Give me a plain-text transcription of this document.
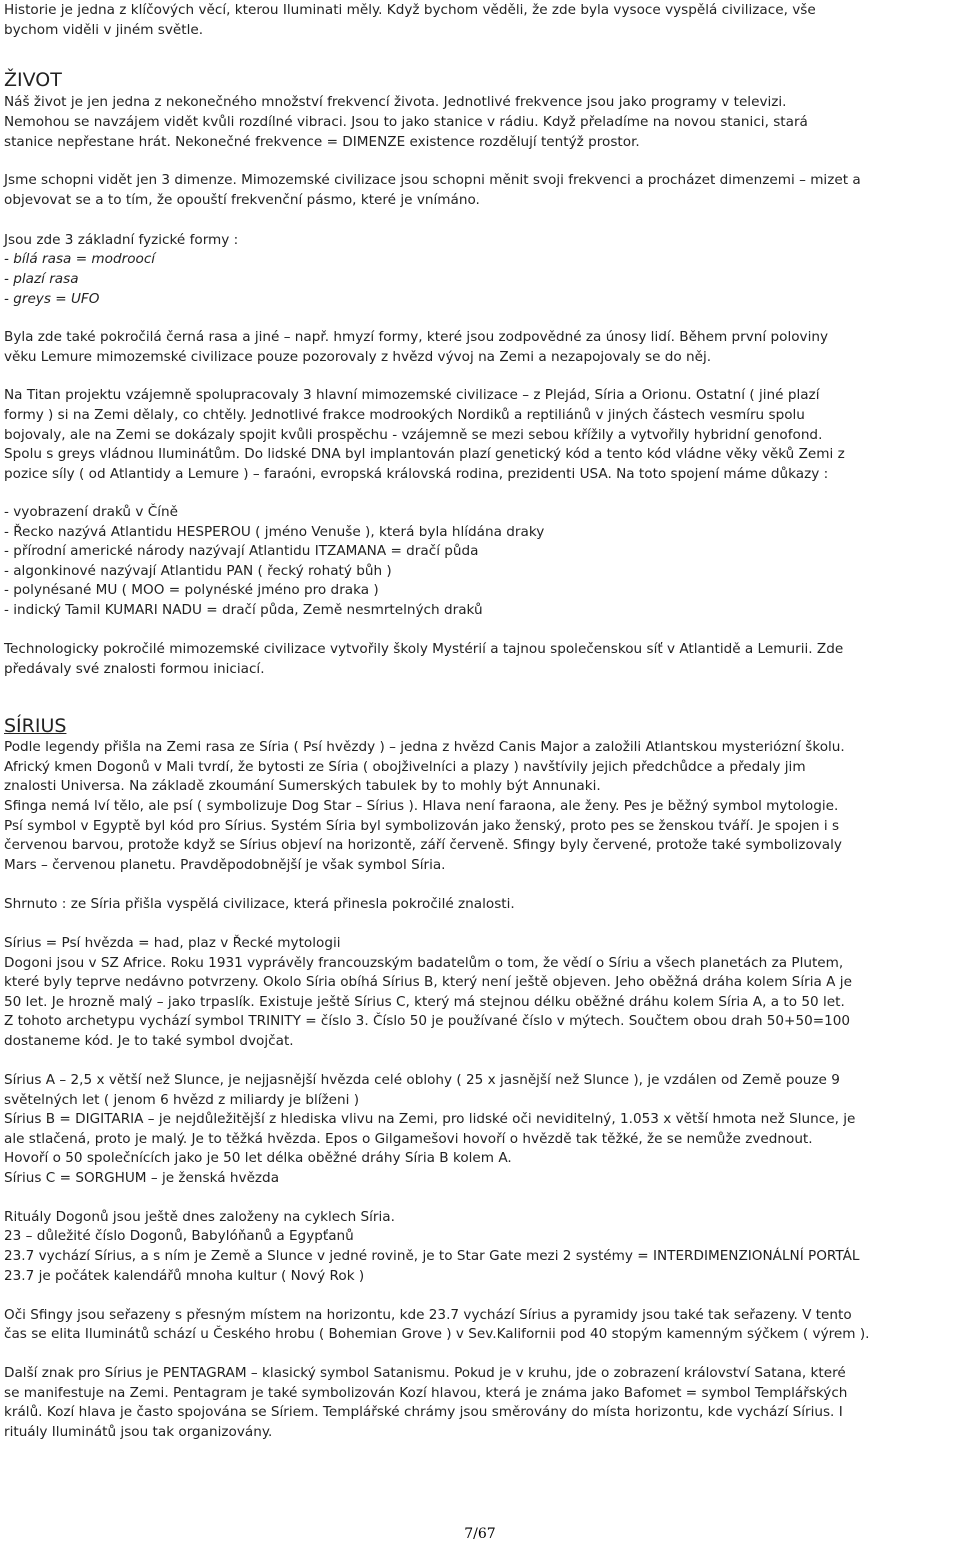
Historie je jedna z klíčových věcí, kterou Iluminati měly. Když bychom věděli, že zde byla vysoce vyspělá civilizace, vše
bychom viděli v jiném světle.
ŽIVOT
Náš život je jen jedna z nekonečného množství frekvencí života. Jednotlivé frekvence jsou jako programy v televizi.
Nemohou se navzájem vidět kvůli rozdílné vibraci. Jsou to jako stanice v rádiu. Když přeladíme na novou stanici, stará
stanice nepřestane hrát. Nekonečné frekvence = DIMENZE existence rozdělují tentýž prostor.
Jsme schopni vidět jen 3 dimenze. Mimozemské civilizace jsou schopni měnit svoji frekvenci a procházet dimenzemi – mizet a
objevovat se a to tím, že opouští frekvenční pásmo, které je vnímáno.
Jsou zde 3 základní fyzické formy :
- bílá rasa = modroocí
- plazí rasa
- greys = UFO
Byla zde také pokročilá černá rasa a jiné – např. hmyzí formy, které jsou zodpovědné za únosy lidí. Během první poloviny
věku Lemure mimozemské civilizace pouze pozorovaly z hvězd vývoj na Zemi a nezapojovaly se do něj.
Na Titan projektu vzájemně spolupracovaly 3 hlavní mimozemské civilizace – z Plejád, Síria a Orionu. Ostatní ( jiné plazí
formy ) si na Zemi dělaly, co chtěly. Jednotlivé frakce modrookých Nordiků a reptiliánů v jiných částech vesmíru spolu
bojovaly, ale na Zemi se dokázaly spojit kvůli prospěchu - vzájemně se mezi sebou křížily a vytvořily hybridní genofond.
Spolu s greys vládnou Iluminátům. Do lidské DNA byl implantován plazí genetický kód a tento kód vládne věky věků Zemi z
pozice síly ( od Atlantidy a Lemure ) – faraóni, evropská královská rodina, prezidenti USA. Na toto spojení máme důkazy :
- vyobrazení draků v Číně
- Řecko nazývá Atlantidu HESPEROU ( jméno Venuše ), která byla hlídána draky
- přírodní americké národy nazývají Atlantidu ITZAMANA = dračí půda
- algonkinové nazývají Atlantidu PAN ( řecký rohatý bůh )
- polynésané MU ( MOO = polynéské jméno pro draka )
- indický Tamil KUMARI NADU = dračí půda, Země nesmrtelných draků
Technologicky pokročilé mimozemské civilizace vytvořily školy Mystérií a tajnou společenskou síť v Atlantidě a Lemurii. Zde
předávaly své znalosti formou iniciací.
SÍRIUS
Podle legendy přišla na Zemi rasa ze Síria ( Psí hvězdy ) – jedna z hvězd Canis Major a založili Atlantskou mysteriózní školu.
Africký kmen Dogonů v Mali tvrdí, že bytosti ze Síria ( obojživelníci a plazy ) navštívily jejich předchůdce a předaly jim
znalosti Universa. Na základě zkoumání Sumerských tabulek by to mohly být Annunaki.
Sfinga nemá lví tělo, ale psí ( symbolizuje Dog Star – Sírius ). Hlava není faraona, ale ženy. Pes je běžný symbol mytologie.
Psí symbol v Egyptě byl kód pro Sírius. Systém Síria byl symbolizován jako ženský, proto pes se ženskou tváří. Je spojen i s
červenou barvou, protože když se Sírius objeví na horizontě, září červeně. Sfingy byly červené, protože také symbolizovaly
Mars – červenou planetu. Pravděpodobnější je však symbol Síria.
Shrnuto : ze Síria přišla vyspělá civilizace, která přinesla pokročilé znalosti.
Sírius = Psí hvězda = had, plaz v Řecké mytologii
Dogoni jsou v SZ Africe. Roku 1931 vyprávěly francouzským badatelům o tom, že vědí o Síriu a všech planetách za Plutem,
které byly teprve nedávno potvrzeny. Okolo Síria obíhá Sírius B, který není ještě objeven. Jeho oběžná dráha kolem Síria A je
50 let. Je hrozně malý – jako trpaslík. Existuje ještě Sírius C, který má stejnou délku oběžné dráhu kolem Síria A, a to 50 let.
Z tohoto archetypu vychází symbol TRINITY = číslo 3. Číslo 50 je používané číslo v mýtech. Součtem obou drah 50+50=100
dostaneme kód. Je to také symbol dvojčat.
Sírius A – 2,5 x větší než Slunce, je nejjasnější hvězda celé oblohy ( 25 x jasnější než Slunce ), je vzdálen od Země pouze 9
světelných let ( jenom 6 hvězd z miliardy je blíženi )
Sírius B = DIGITARIA – je nejdůležitější z hlediska vlivu na Zemi, pro lidské oči neviditelný, 1.053 x větší hmota než Slunce, je
ale stlačená, proto je malý. Je to těžká hvězda. Epos o Gilgamešovi hovoří o hvězdě tak těžké, že se nemůže zvednout.
Hovoří o 50 společnících jako je 50 let délka oběžné dráhy Síria B kolem A.
Sírius C = SORGHUM – je ženská hvězda
Rituály Dogonů jsou ještě dnes založeny na cyklech Síria.
23 – důležité číslo Dogonů, Babylóňanů a Egypťanů
23.7 vychází Sírius, a s ním je Země a Slunce v jedné rovině, je to Star Gate mezi 2 systémy = INTERDIMENZIONÁLNÍ PORTÁL
23.7 je počátek kalendářů mnoha kultur ( Nový Rok )
Oči Sfingy jsou seřazeny s přesným místem na horizontu, kde 23.7 vychází Sírius a pyramidy jsou také tak seřazeny. V tento
čas se elita Iluminátů schází u Českého hrobu ( Bohemian Grove ) v Sev.Kalifornii pod 40 stopým kamenným sýčkem ( výrem ).
Další znak pro Sírius je PENTAGRAM – klasický symbol Satanismu. Pokud je v kruhu, jde o zobrazení království Satana, které
se manifestuje na Zemi. Pentagram je také symbolizován Kozí hlavou, která je známa jako Bafomet = symbol Templářských
králů. Kozí hlava je často spojována se Síriem. Templářské chrámy jsou směrovány do místa horizontu, kde vychází Sírius. I
rituály Iluminátů jsou tak organizovány.
7/67
